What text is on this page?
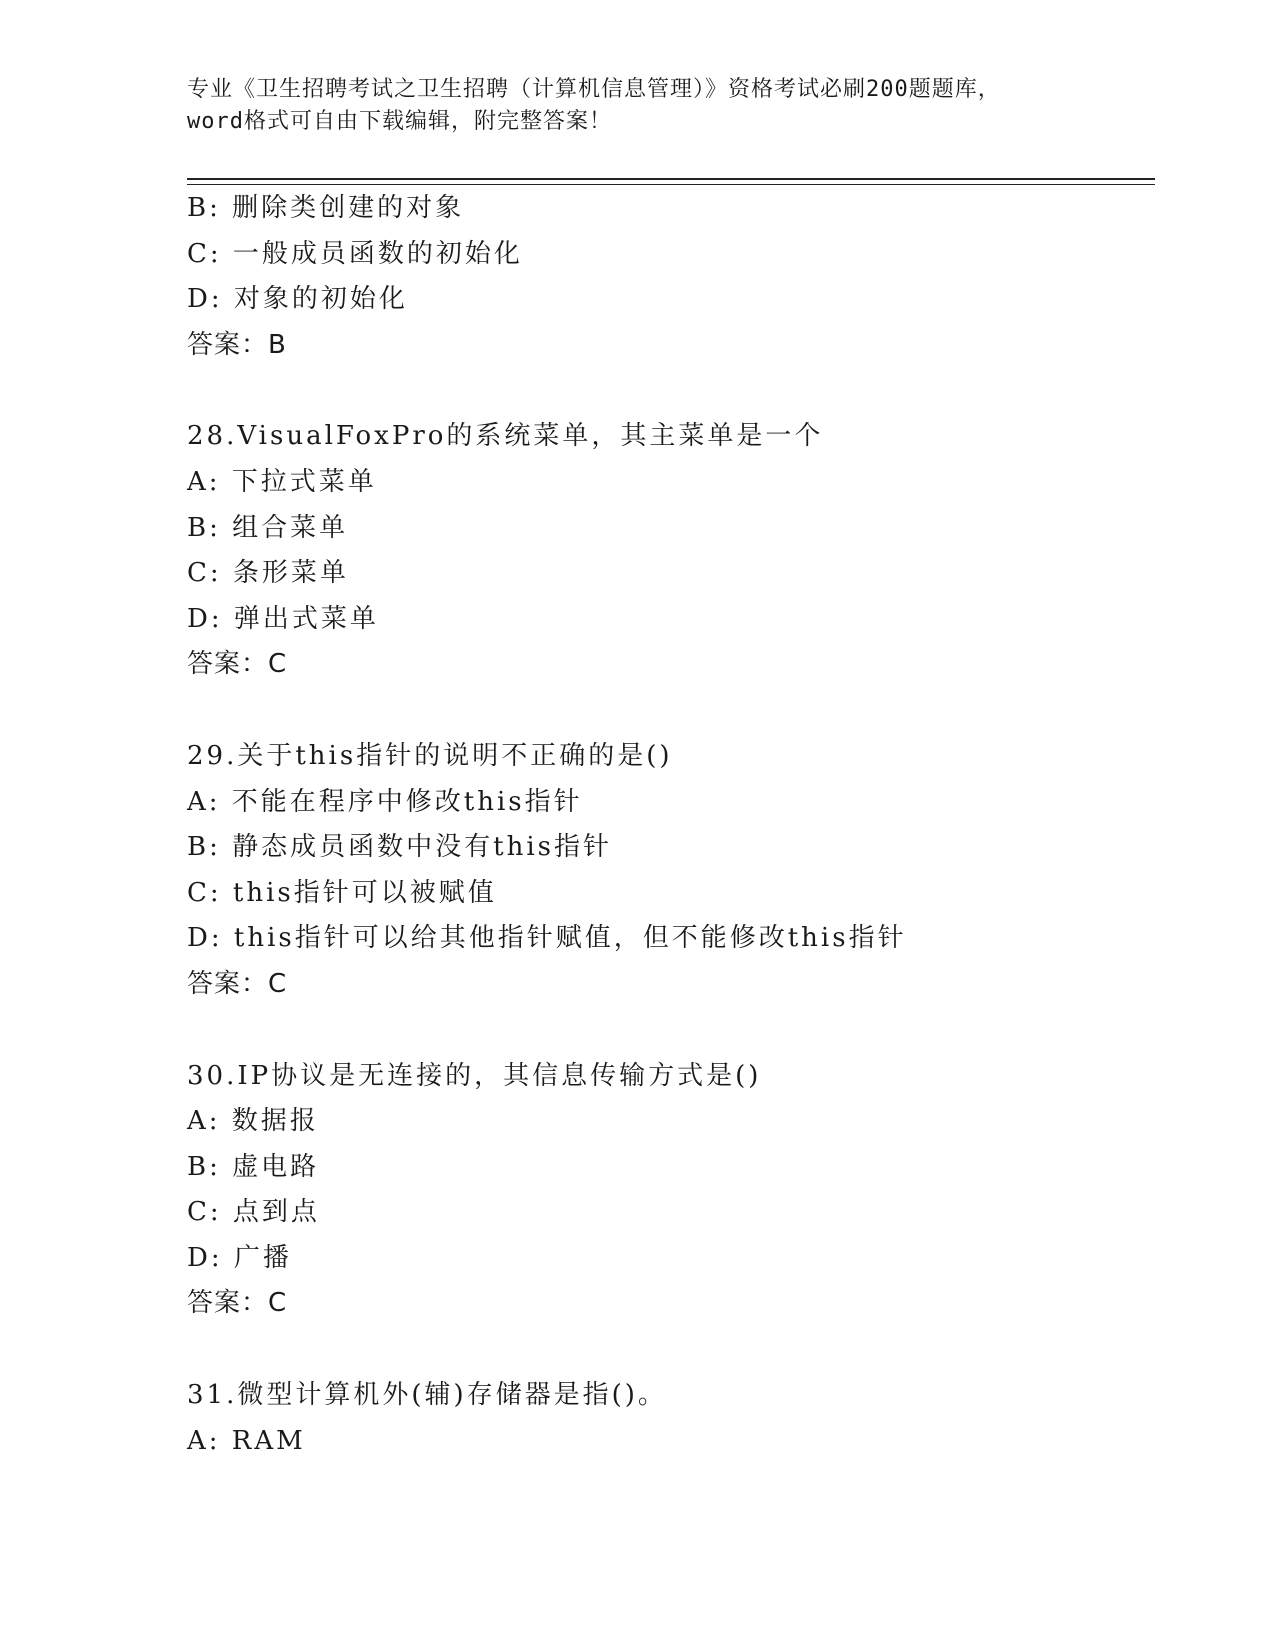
专业《卫生招聘考试之卫生招聘（计算机信息管理）》资格考试必刷200题题库，
word格式可自由下载编辑，附完整答案！
B: 删除类创建的对象
C: 一般成员函数的初始化
D: 对象的初始化
答案：B
28.VisualFoxPro的系统菜单，其主菜单是一个
A: 下拉式菜单
B: 组合菜单
C: 条形菜单
D: 弹出式菜单
答案：C
29.关于this指针的说明不正确的是()
A: 不能在程序中修改this指针
B: 静态成员函数中没有this指针
C: this指针可以被赋值
D: this指针可以给其他指针赋值，但不能修改this指针
答案：C
30.IP协议是无连接的，其信息传输方式是()
A: 数据报
B: 虚电路
C: 点到点
D: 广播
答案：C
31.微型计算机外(辅)存储器是指()。
A: RAM
